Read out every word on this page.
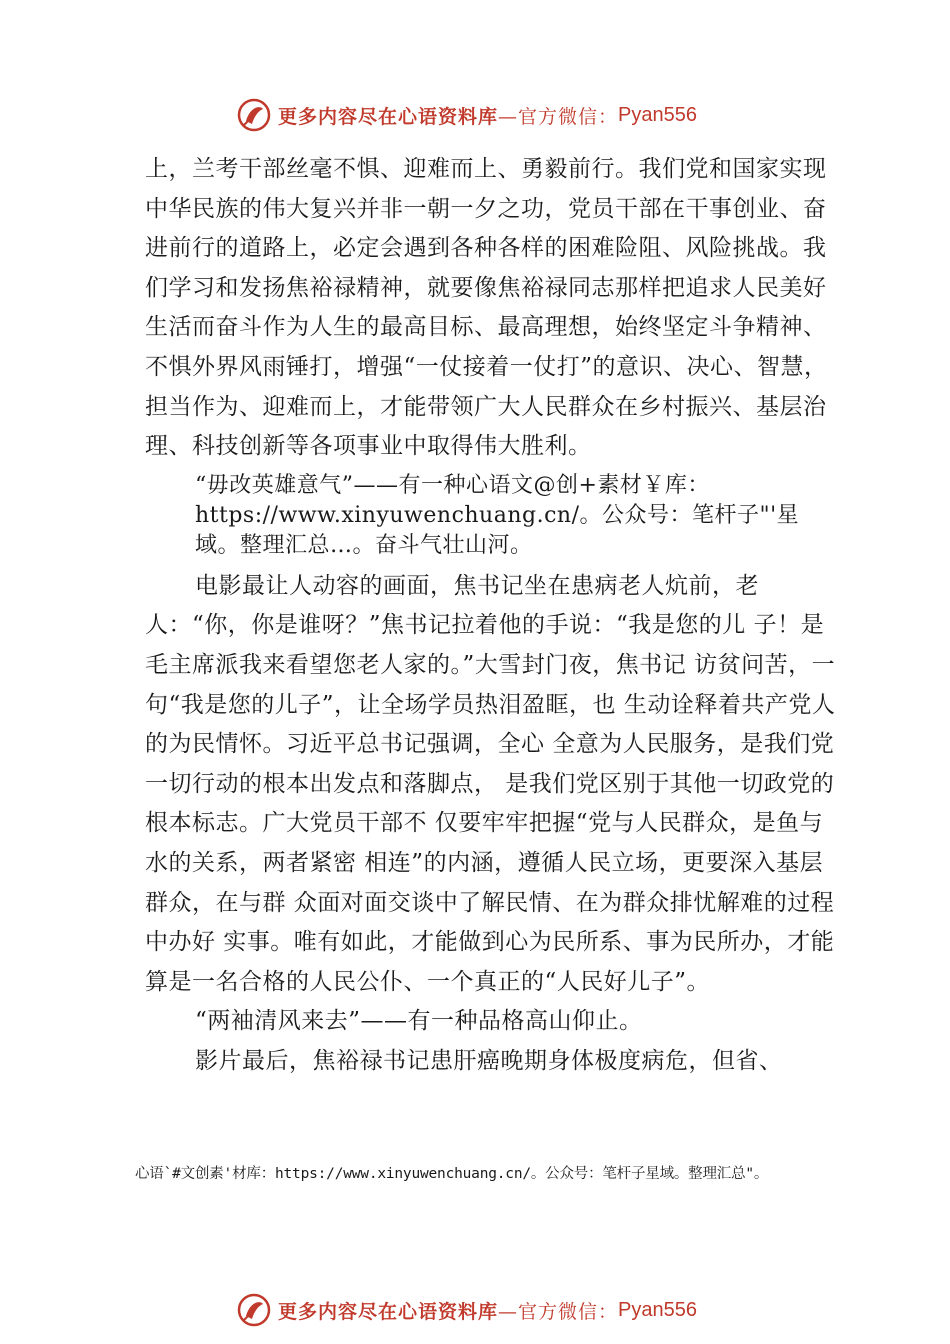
更多内容尽在心语资料库 —官方微信： Pyan556

上，兰考干部丝毫不惧、迎难而上、勇毅前行。我们党和国家实现中华民族的伟大复兴并非一朝一夕之功，党员干部在干事创业、奋进前行的道路上，必定会遇到各种各样的困难险阻、风险挑战。我们学习和发扬焦裕禄精神，就要像焦裕禄同志那样把追求人民美好生活而奋斗作为人生的最高目标、最高理想，始终坚定斗争精神、不惧外界风雨锤打，增强“一仗接着一仗打”的意识、决心、智慧，担当作为、迎难而上，才能带领广大人民群众在乡村振兴、基层治理、科技创新等各项事业中取得伟大胜利。

“毋改英雄意气”——有一种心语文@创+素材￥库：
https://www.xinyuwenchuang.cn/。公众号：笔杆子"'星
域。整理汇总…。奋斗气壮山河。

电影最让人动容的画面，焦书记坐在患病老人炕前，老人：“你，你是谁呀？”焦书记拉着他的手说：“我是您的儿 子！是毛主席派我来看望您老人家的。”大雪封门夜，焦书记 访贫问苦，一句“我是您的儿子”，让全场学员热泪盈眶，也 生动诠释着共产党人的为民情怀。习近平总书记强调，全心 全意为人民服务，是我们党一切行动的根本出发点和落脚点， 是我们党区别于其他一切政党的根本标志。广大党员干部不 仅要牢牢把握“党与人民群众，是鱼与水的关系，两者紧密 相连”的内涵，遵循人民立场，更要深入基层群众，在与群 众面对面交谈中了解民情、在为群众排忧解难的过程中办好 实事。唯有如此，才能做到心为民所系、事为民所办，才能 算是一名合格的人民公仆、一个真正的“人民好儿子”。

“两袖清风来去”——有一种品格高山仰止。

影片最后，焦裕禄书记患肝癌晚期身体极度病危，但省、

心语`#文创素'材库：https://www.xinyuwenchuang.cn/。公众号：笔杆子星域。整理汇总"。
更多内容尽在心语资料库 —官方微信： Pyan556
